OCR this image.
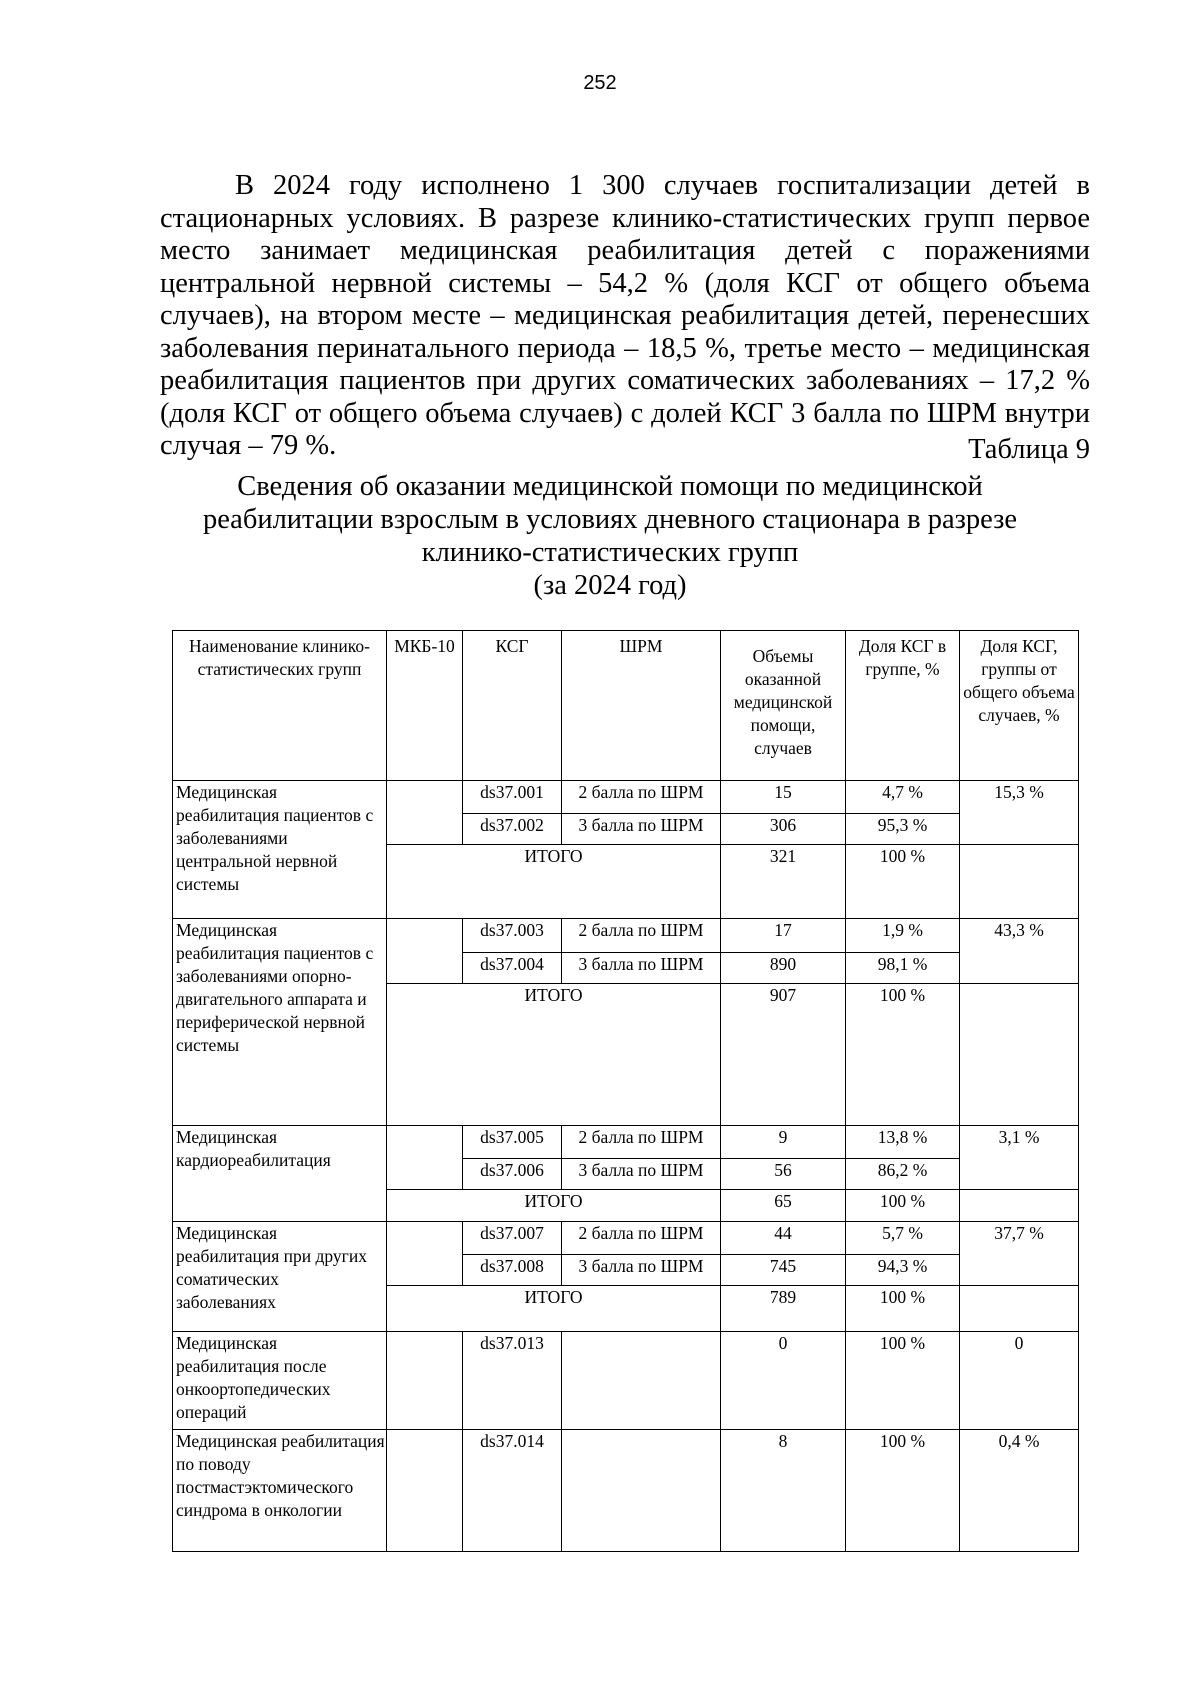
252

В 2024 году исполнено 1 300 случаев госпитализации детей в стационарных условиях. В разрезе клинико-статистических групп первое место занимает медицинская реабилитация детей с поражениями центральной нервной системы – 54,2 % (доля КСГ от общего объема случаев), на втором месте – медицинская реабилитация детей, перенесших заболевания перинатального периода – 18,5 %, третье место – медицинская реабилитация пациентов при других соматических заболеваниях – 17,2 % (доля КСГ от общего объема случаев) с долей КСГ 3 балла по ШРМ внутри случая – 79 %.	Таблица 9
Сведения об оказании медицинской помощи по медицинской
реабилитации взрослым в условиях дневного стационара в разрезе
клинико-статистических групп
(за 2024 год)
Наименование клинико-статистических групп	МКБ-10	КСГ	ШРМ	Объемы оказанной медицинской помощи, случаев	Доля КСГ в группе, %	Доля КСГ, группы от общего объема случаев, %
Медицинская реабилитация пациентов с заболеваниями центральной нервной системы		ds37.001	2 балла по ШРМ	15	4,7 %	15,3 %
		ds37.002	3 балла по ШРМ	306	95,3 %	
	ИТОГО			321	100 %	
Медицинская реабилитация пациентов с заболеваниями опорно-двигательного аппарата и периферической нервной системы		ds37.003	2 балла по ШРМ	17	1,9 %	43,3 %
		ds37.004	3 балла по ШРМ	890	98,1 %	
	ИТОГО			907	100 %	
Медицинская кардиореабилитация		ds37.005	2 балла по ШРМ	9	13,8 %	3,1 %
		ds37.006	3 балла по ШРМ	56	86,2 %	
	ИТОГО			65	100 %	
Медицинская реабилитация при других соматических заболеваниях		ds37.007	2 балла по ШРМ	44	5,7 %	37,7 %
		ds37.008	3 балла по ШРМ	745	94,3 %	
	ИТОГО			789	100 %	
Медицинская реабилитация после онкоортопедических операций		ds37.013		0	100 %	0
Медицинская реабилитация по поводу постмастэктомического синдрома в онкологии		ds37.014		8	100 %	0,4 %
